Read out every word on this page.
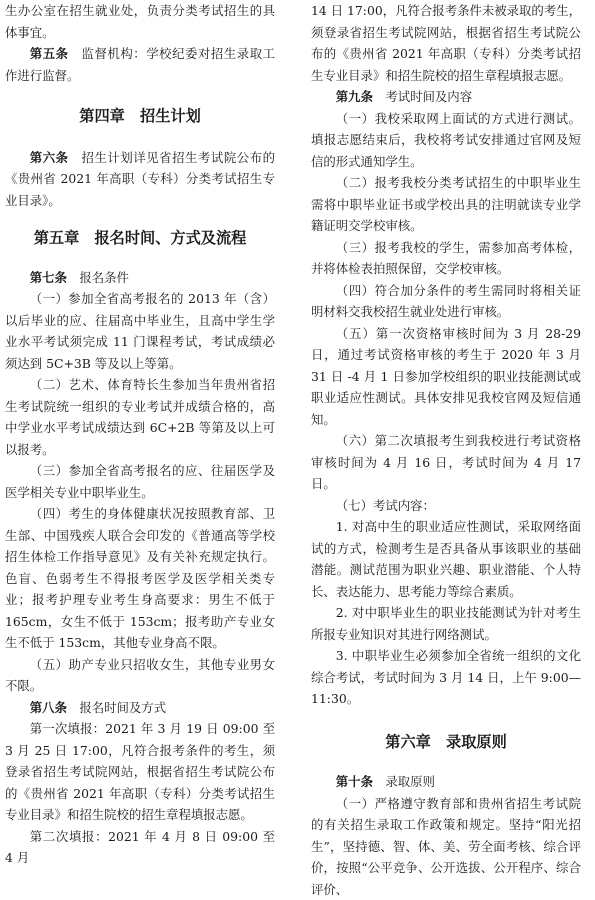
生办公室在招生就业处，负责分类考试招生的具体事宜。

第五条　 监督机构：学校纪委对招生录取工作进行监督。

第四章　招生计划

第六条　 招生计划详见省招生考试院公布的《贵州省 2021 年高职（专科）分类考试招生专业目录》。

第五章　报名时间、方式及流程

第七条　 报名条件

（一）参加全省高考报名的 2013 年（含）以后毕业的应、往届高中毕业生，且高中学生学业水平考试须完成 11 门课程考试，考试成绩必须达到 5C+3B 等及以上等第。

（二）艺术、体育特长生参加当年贵州省招生考试院统一组织的专业考试并成绩合格的，高中学业水平考试成绩达到 6C+2B 等第及以上可以报考。

（三）参加全省高考报名的应、往届医学及医学相关专业中职毕业生。

（四）考生的身体健康状况按照教育部、卫生部、中国残疾人联合会印发的《普通高等学校招生体检工作指导意见》及有关补充规定执行。色盲、色弱考生不得报考医学及医学相关类专业；报考护理专业考生身高要求：男生不低于 165cm，女生不低于 153cm；报考助产专业女生不低于 153cm，其他专业身高不限。

（五）助产专业只招收女生，其他专业男女不限。

第八条　 报名时间及方式

第一次填报：2021 年 3 月 19 日 09:00 至 3 月 25 日 17:00，凡符合报考条件的考生，须登录省招生考试院网站，根据省招生考试院公布的《贵州省 2021 年高职（专科）分类考试招生专业目录》和招生院校的招生章程填报志愿。

第二次填报：2021 年 4 月 8 日 09:00 至 4 月

14 日 17:00，凡符合报考条件未被录取的考生，须登录省招生考试院网站，根据省招生考试院公布的《贵州省 2021 年高职（专科）分类考试招生专业目录》和招生院校的招生章程填报志愿。

第九条　 考试时间及内容

（一）我校采取网上面试的方式进行测试。填报志愿结束后，我校将考试安排通过官网及短信的形式通知学生。

（二）报考我校分类考试招生的中职毕业生需将中职毕业证书或学校出具的注明就读专业学籍证明交学校审核。

（三）报考我校的学生，需参加高考体检，并将体检表拍照保留，交学校审核。

（四）符合加分条件的考生需同时将相关证明材料交我校招生就业处进行审核。

（五）第一次资格审核时间为 3 月 28-29 日，通过考试资格审核的考生于 2020 年 3 月 31 日 -4 月 1 日参加学校组织的职业技能测试或职业适应性测试。具体安排见我校官网及短信通知。

（六）第二次填报考生到我校进行考试资格审核时间为 4 月 16 日，考试时间为 4 月 17 日。

（七）考试内容：

1. 对高中生的职业适应性测试，采取网络面试的方式，检测考生是否具备从事该职业的基础潜能。测试范围为职业兴趣、职业潜能、个人特长、表达能力、思考能力等综合素质。

2. 对中职毕业生的职业技能测试为针对考生所报专业知识对其进行网络测试。

3. 中职毕业生必须参加全省统一组织的文化综合考试，考试时间为 3 月 14 日，上午 9:00—11:30。

第六章　录取原则

第十条　 录取原则

（一）严格遵守教育部和贵州省招生考试院的有关招生录取工作政策和规定。坚持“阳光招生”，坚持德、智、体、美、劳全面考核、综合评价，按照“公平竞争、公开选拔、公开程序、综合评价、
